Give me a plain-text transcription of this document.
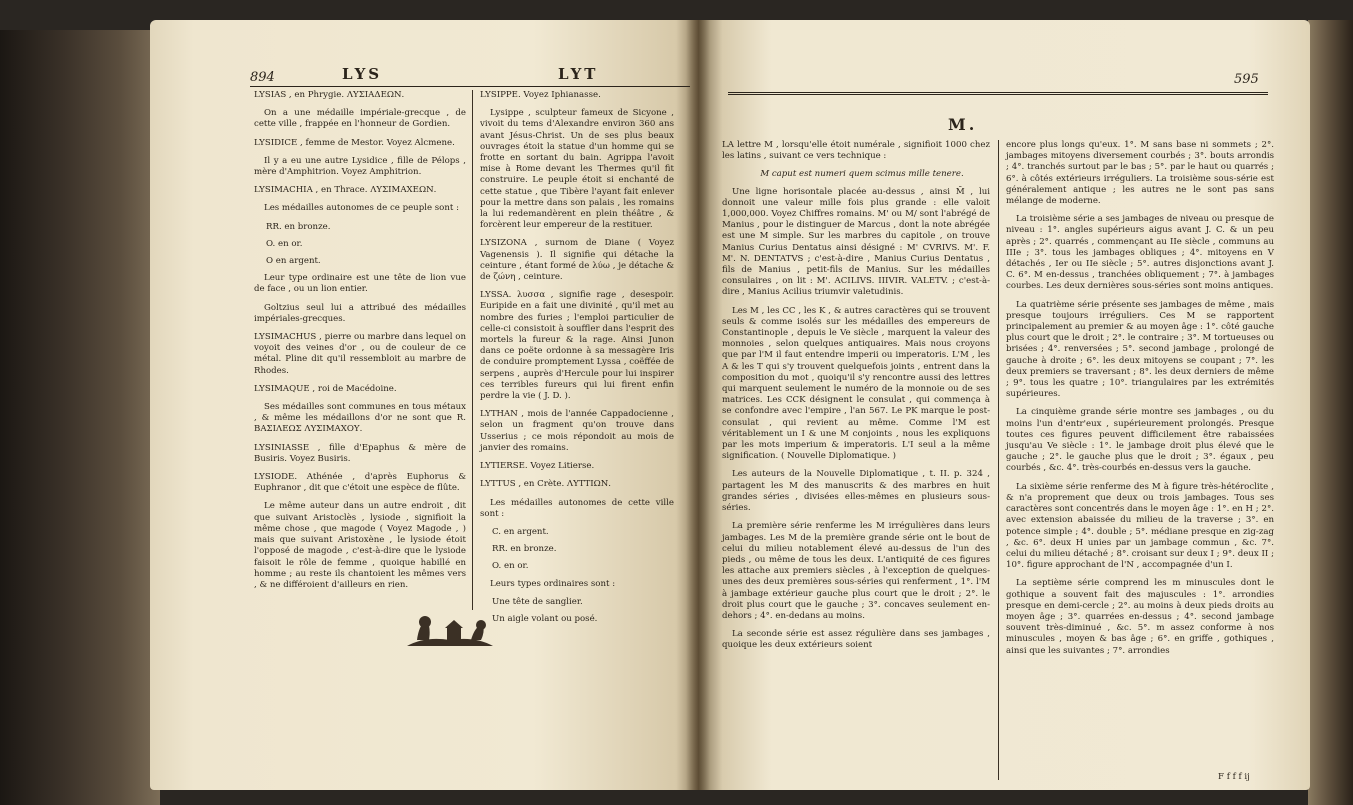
894	LYS	LYT

LYSIAS , en Phrygie. ΛΥΣΙΑΔΕΩΝ.

On a une médaille impériale-grecque , de cette ville , frappée en l'honneur de Gordien.

LYSIDICE , femme de Mestor. Voyez Alcmene.

Il y a eu une autre Lysidice , fille de Pélops , mère d'Amphitrion. Voyez Amphitrion.

LYSIMACHIA , en Thrace. ΛΥΣΙΜΑΧΕΩΝ.

Les médailles autonomes de ce peuple sont :

RR. en bronze.

O. en or.

O en argent.

Leur type ordinaire est une tête de lion vue de face , ou un lion entier.

Goltzius seul lui a attribué des médailles impériales-grecques.

LYSIMACHUS , pierre ou marbre dans lequel on voyoit des veines d'or , ou de couleur de ce métal. Pline dit qu'il ressembloit au marbre de Rhodes.

LYSIMAQUE , roi de Macédoine.

Ses médailles sont communes en tous métaux , & même les médaillons d'or ne sont que R. ΒΑΣΙΛΕΩΣ ΛΥΣΙΜΑΧΟΥ.

LYSINIASSE , fille d'Epaphus & mère de Busiris. Voyez Busiris.

LYSIODE. Athénée , d'après Euphorus & Euphranor , dit que c'étoit une espèce de flûte.

Le même auteur dans un autre endroit , dit que suivant Aristoclès , lysiode , signifioit la même chose , que magode ( Voyez Magode , ) mais que suivant Aristoxène , le lysiode étoit l'opposé de magode , c'est-à-dire que le lysiode faisoit le rôle de femme , quoique habillé en homme ; au reste ils chantoient les mêmes vers , & ne différoient d'ailleurs en rien.

LYSIPPE. Voyez Iphianasse.

Lysippe , sculpteur fameux de Sicyone , vivoit du tems d'Alexandre environ 360 ans avant Jésus-Christ. Un de ses plus beaux ouvrages étoit la statue d'un homme qui se frotte en sortant du bain. Agrippa l'avoit mise à Rome devant les Thermes qu'il fit construire. Le peuple étoit si enchanté de cette statue , que Tibère l'ayant fait enlever pour la mettre dans son palais , les romains la lui redemandèrent en plein théâtre , & forcèrent leur empereur de la restituer.

LYSIZONA , surnom de Diane ( Voyez Vagenensis ). Il signifie qui détache la ceinture , étant formé de λύω , je détache & de ζώνη , ceinture.

LYSSA. λυσσα , signifie rage , desespoir. Euripide en a fait une divinité , qu'il met au nombre des furies ; l'emploi particulier de celle-ci consistoit à souffler dans l'esprit des mortels la fureur & la rage. Ainsi Junon dans ce poëte ordonne à sa messagère Iris de conduire promptement Lyssa , coëffée de serpens , auprès d'Hercule pour lui inspirer ces terribles fureurs qui lui firent enfin perdre la vie ( J. D. ).

LYTHAN , mois de l'année Cappadocienne , selon un fragment qu'on trouve dans Usserius ; ce mois répondoit au mois de janvier des romains.

LYTIERSE. Voyez Litierse.

LYTTUS , en Crète. ΛΥΤΤΙΩΝ.

Les médailles autonomes de cette ville sont :

C. en argent.

RR. en bronze.

O. en or.

Leurs types ordinaires sont :

Une tête de sanglier.

Un aigle volant ou posé.

595
M.

LA lettre M , lorsqu'elle étoit numérale , signifioit 1000 chez les latins , suivant ce vers technique :

M caput est numeri quem scimus mille tenere.

Une ligne horisontale placée au-dessus , ainsi M̄ , lui donnoit une valeur mille fois plus grande : elle valoit 1,000,000. Voyez Chiffres romains. M' ou M/ sont l'abrégé de Manius , pour le distinguer de Marcus , dont la note abrégée est une M simple. Sur les marbres du capitole , on trouve Manius Curius Dentatus ainsi désigné : M' CVRIVS. M'. F. M'. N. DENTATVS ; c'est-à-dire , Manius Curius Dentatus , fils de Manius , petit-fils de Manius. Sur les médailles consulaires , on lit : M'. ACILIVS. IIIVIR. VALETV. ; c'est-à-dire , Manius Acilius triumvir valetudinis.

Les M , les CC , les K , & autres caractères qui se trouvent seuls & comme isolés sur les médailles des empereurs de Constantinople , depuis le Ve siècle , marquent la valeur des monnoies , selon quelques antiquaires. Mais nous croyons que par l'M il faut entendre imperii ou imperatoris. L'M , les A & les T qui s'y trouvent quelquefois joints , entrent dans la composition du mot , quoiqu'il s'y rencontre aussi des lettres qui marquent seulement le numéro de la monnoie ou de ses matrices. Les CCK désignent le consulat , qui commença à se confondre avec l'empire , l'an 567. Le PK marque le post-consulat , qui revient au même. Comme l'M est véritablement un I & une M conjoints , nous les expliquons par les mots imperium & imperatoris. L'I seul a la même signification. ( Nouvelle Diplomatique. )

Les auteurs de la Nouvelle Diplomatique , t. II. p. 324 , partagent les M des manuscrits & des marbres en huit grandes séries , divisées elles-mêmes en plusieurs sous-séries.

La première série renferme les M irrégulières dans leurs jambages. Les M de la première grande série ont le bout de celui du milieu notablement élevé au-dessus de l'un des pieds , ou même de tous les deux. L'antiquité de ces figures les attache aux premiers siècles , à l'exception de quelques-unes des deux premières sous-séries qui renferment , 1°. l'M à jambage extérieur gauche plus court que le droit ; 2°. le droit plus court que le gauche ; 3°. concaves seulement en-dehors ; 4°. en-dedans au moins.

La seconde série est assez régulière dans ses jambages , quoique les deux extérieurs soient

encore plus longs qu'eux. 1°. M sans base ni sommets ; 2°. jambages mitoyens diversement courbés ; 3°. bouts arrondis ; 4°. tranchés surtout par le bas ; 5°. par le haut ou quarrés ; 6°. à côtés extérieurs irréguliers. La troisième sous-série est généralement antique ; les autres ne le sont pas sans mélange de moderne.

La troisième série a ses jambages de niveau ou presque de niveau : 1°. angles supérieurs aigus avant J. C. & un peu après ; 2°. quarrés , commençant au IIe siècle , communs au IIIe ; 3°. tous les jambages obliques ; 4°. mitoyens en V détachés , Ier ou IIe siècle ; 5°. autres disjonctions avant J. C. 6°. M en-dessus , tranchées obliquement ; 7°. à jambages courbes. Les deux dernières sous-séries sont moins antiques.

La quatrième série présente ses jambages de même , mais presque toujours irréguliers. Ces M se rapportent principalement au premier & au moyen âge : 1°. côté gauche plus court que le droit ; 2°. le contraire ; 3°. M tortueuses ou brisées ; 4°. renversées ; 5°. second jambage , prolongé de gauche à droite ; 6°. les deux mitoyens se coupant ; 7°. les deux premiers se traversant ; 8°. les deux derniers de même ; 9°. tous les quatre ; 10°. triangulaires par les extrémités supérieures.

La cinquième grande série montre ses jambages , ou du moins l'un d'entr'eux , supérieurement prolongés. Presque toutes ces figures peuvent difficilement être rabaissées jusqu'au Ve siècle : 1°. le jambage droit plus élevé que le gauche ; 2°. le gauche plus que le droit ; 3°. égaux , peu courbés , &c. 4°. très-courbés en-dessus vers la gauche.

La sixième série renferme des M à figure très-hétéroclite , & n'a proprement que deux ou trois jambages. Tous ses caractères sont concentrés dans le moyen âge : 1°. en H ; 2°. avec extension abaissée du milieu de la traverse ; 3°. en potence simple ; 4°. double ; 5°. médiane presque en zig-zag , &c. 6°. deux H unies par un jambage commun , &c. 7°. celui du milieu détaché ; 8°. croisant sur deux I ; 9°. deux II ; 10°. figure approchant de l'N , accompagnée d'un I.

La septième série comprend les m minuscules dont le gothique a souvent fait des majuscules : 1°. arrondies presque en demi-cercle ; 2°. au moins à deux pieds droits au moyen âge ; 3°. quarrées en-dessus ; 4°. second jambage souvent très-diminué , &c. 5°. m assez conforme à nos minuscules , moyen & bas âge ; 6°. en griffe , gothiques , ainsi que les suivantes ; 7°. arrondies

F f f f ij
